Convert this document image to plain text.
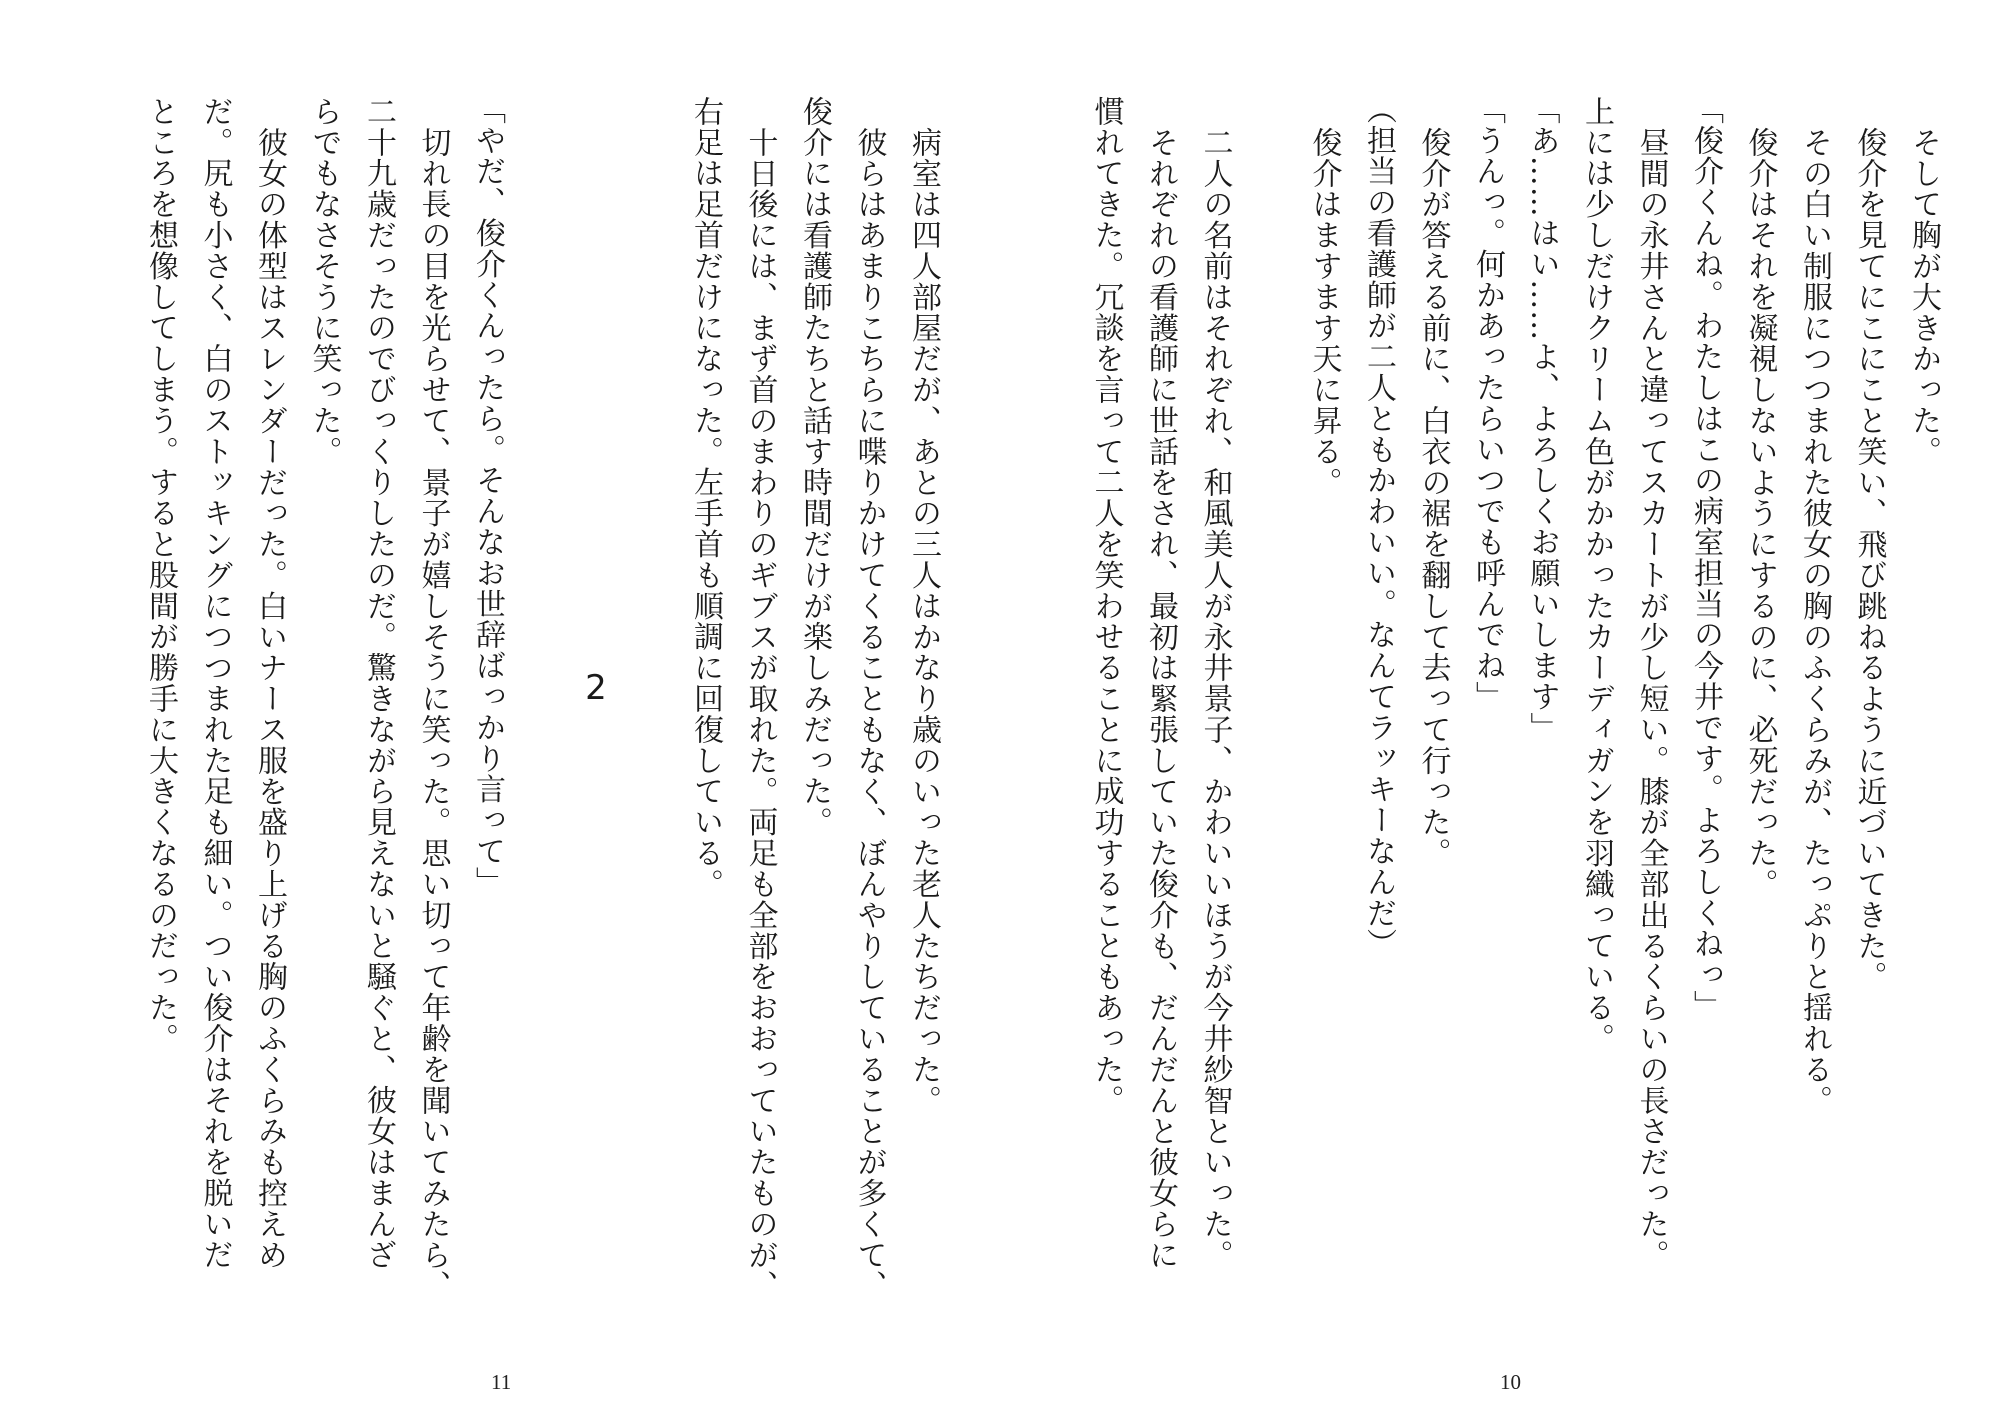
そして胸が大きかった。
俊介を見てにこにこと笑い、飛び跳ねるように近づいてきた。
その白い制服につつまれた彼女の胸のふくらみが、たっぷりと揺れる。
俊介はそれを凝視しないようにするのに、必死だった。
「俊介くんね。わたしはこの病室担当の今井です。よろしくねっ」
昼間の永井さんと違ってスカートが少し短い。膝が全部出るくらいの長さだった。
上には少しだけクリーム色がかかったカーディガンを羽織っている。
「あ……はい……よ、よろしくお願いします」
「うんっ。何かあったらいつでも呼んでね」
俊介が答える前に、白衣の裾を翻して去って行った。
（担当の看護師が二人ともかわいい。なんてラッキーなんだ）
俊介はますます天に昇る。
二人の名前はそれぞれ、和風美人が永井景子、かわいいほうが今井紗智といった。
それぞれの看護師に世話をされ、最初は緊張していた俊介も、だんだんと彼女らに
慣れてきた。冗談を言って二人を笑わせることに成功することもあった。
病室は四人部屋だが、あとの三人はかなり歳のいった老人たちだった。
彼らはあまりこちらに喋りかけてくることもなく、ぼんやりしていることが多くて、
俊介には看護師たちと話す時間だけが楽しみだった。
十日後には、まず首のまわりのギブスが取れた。両足も全部をおおっていたものが、
右足は足首だけになった。左手首も順調に回復している。
2
「やだ、俊介くんったら。そんなお世辞ばっかり言って」
切れ長の目を光らせて、景子が嬉しそうに笑った。思い切って年齢を聞いてみたら、
二十九歳だったのでびっくりしたのだ。驚きながら見えないと騒ぐと、彼女はまんざ
らでもなさそうに笑った。
彼女の体型はスレンダーだった。白いナース服を盛り上げる胸のふくらみも控えめ
だ。尻も小さく、白のストッキングにつつまれた足も細い。つい俊介はそれを脱いだ
ところを想像してしまう。すると股間が勝手に大きくなるのだった。
11	10
